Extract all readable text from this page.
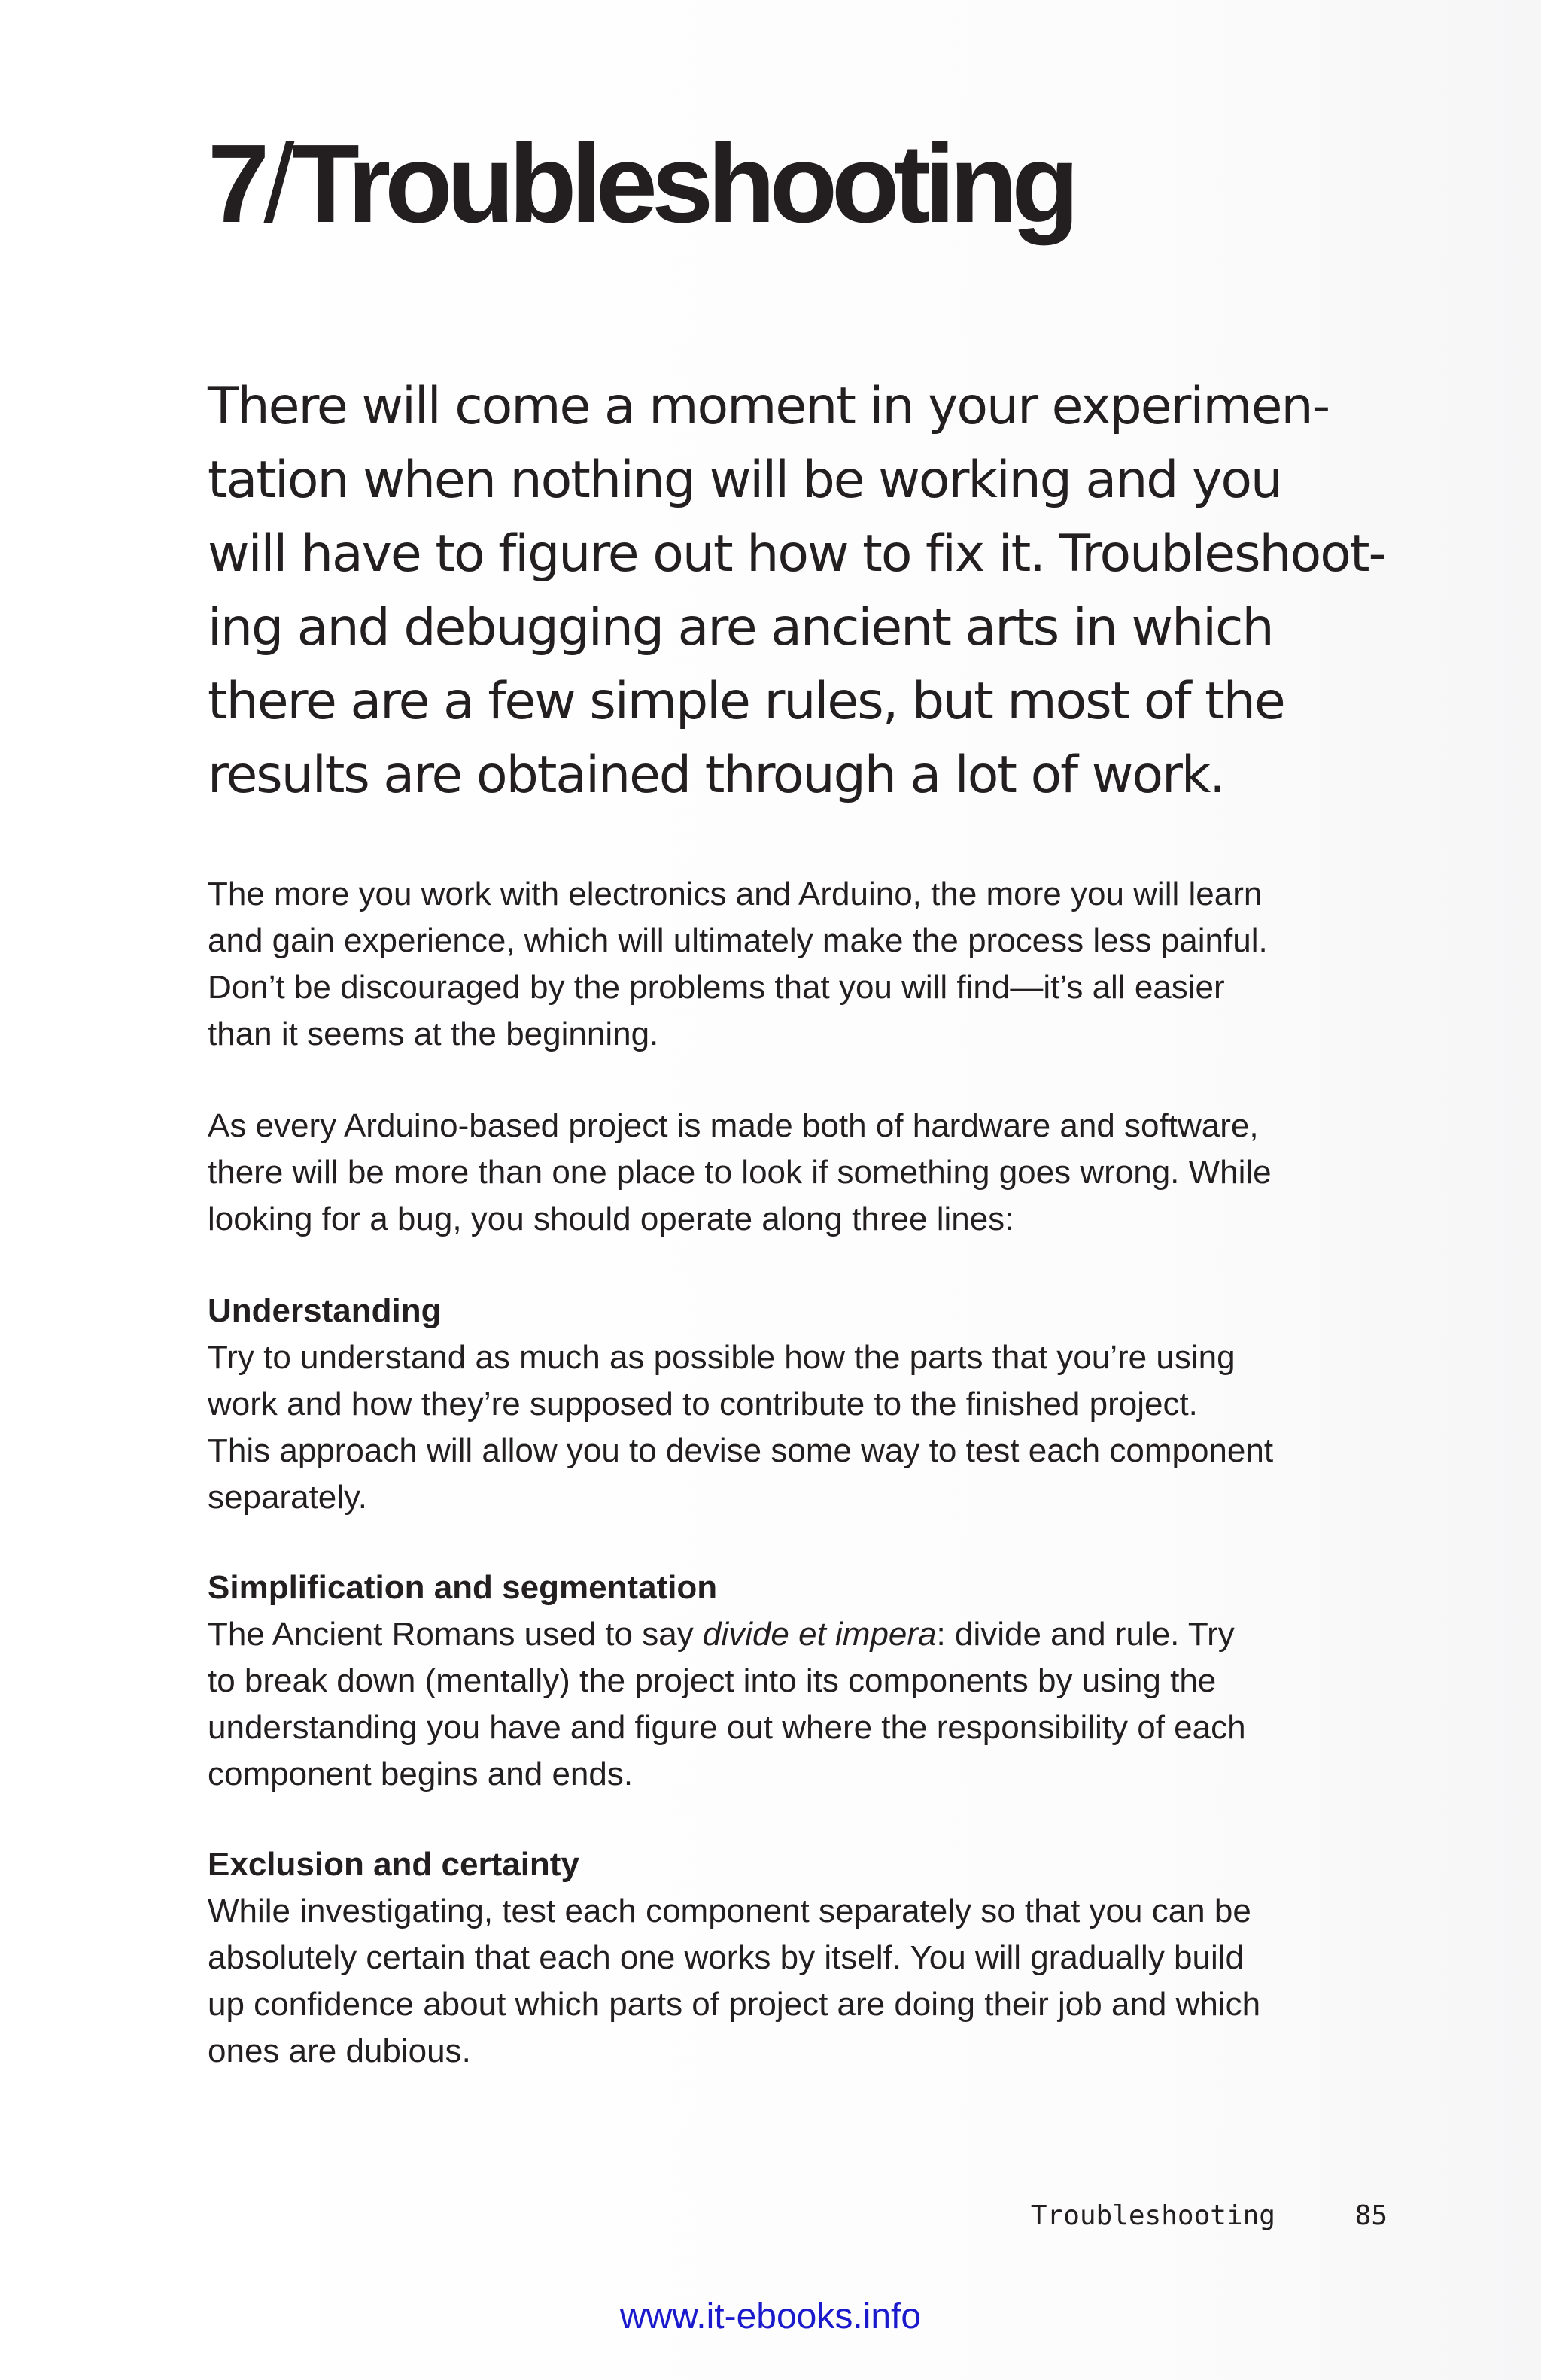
7/Troubleshooting

There will come a moment in your experimen-
tation when nothing will be working and you
will have to figure out how to fix it. Troubleshoot-
ing and debugging are ancient arts in which
there are a few simple rules, but most of the
results are obtained through a lot of work.

The more you work with electronics and Arduino, the more you will learn
and gain experience, which will ultimately make the process less painful.
Don’t be discouraged by the problems that you will find—it’s all easier
than it seems at the beginning.
As every Arduino-based project is made both of hardware and software,
there will be more than one place to look if something goes wrong. While
looking for a bug, you should operate along three lines:
Understanding
Try to understand as much as possible how the parts that you’re using
work and how they’re supposed to contribute to the finished project.
This approach will allow you to devise some way to test each component
separately.
Simplification and segmentation
The Ancient Romans used to say divide et impera: divide and rule. Try
to break down (mentally) the project into its components by using the
understanding you have and figure out where the responsibility of each
component begins and ends.
Exclusion and certainty
While investigating, test each component separately so that you can be
absolutely certain that each one works by itself. You will gradually build
up confidence about which parts of project are doing their job and which
ones are dubious.
Troubleshooting	85
www.it-ebooks.info
